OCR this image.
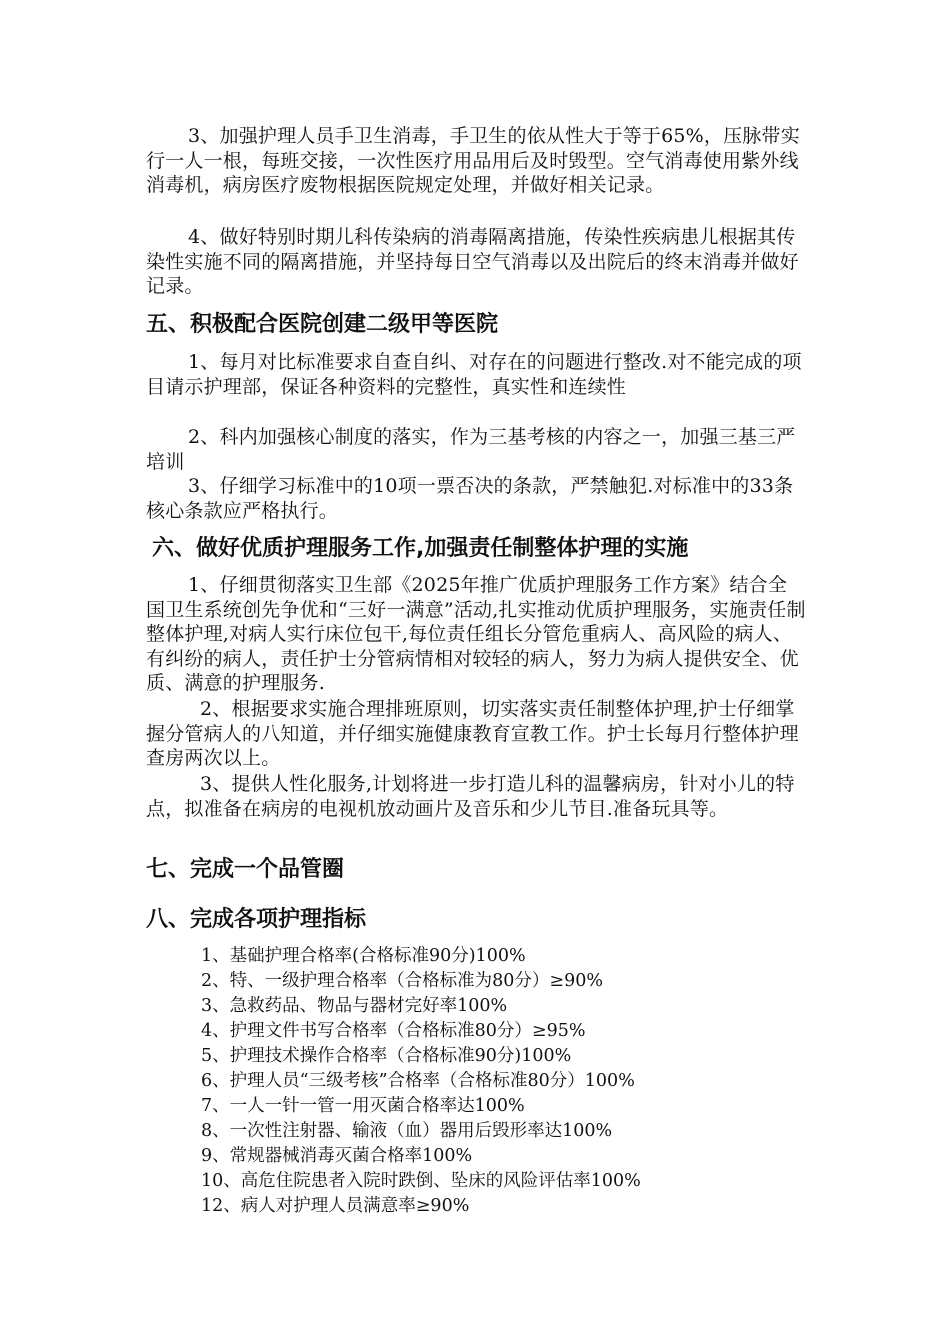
3、加强护理人员手卫生消毒，手卫生的依从性大于等于65%，压脉带实行一人一根，每班交接，一次性医疗用品用后及时毁型。空气消毒使用紫外线消毒机，病房医疗废物根据医院规定处理，并做好相关记录。

4、做好特别时期儿科传染病的消毒隔离措施，传染性疾病患儿根据其传染性实施不同的隔离措施，并坚持每日空气消毒以及出院后的终末消毒并做好记录。

五、积极配合医院创建二级甲等医院

1、每月对比标准要求自查自纠、对存在的问题进行整改.对不能完成的项目请示护理部，保证各种资料的完整性，真实性和连续性

2、科内加强核心制度的落实，作为三基考核的内容之一，加强三基三严培训

3、仔细学习标准中的10项一票否决的条款，严禁触犯.对标准中的33条核心条款应严格执行。

六、做好优质护理服务工作,加强责任制整体护理的实施

1、仔细贯彻落实卫生部《2025年推广优质护理服务工作方案》结合全国卫生系统创先争优和“三好一满意”活动,扎实推动优质护理服务，实施责任制整体护理,对病人实行床位包干,每位责任组长分管危重病人、高风险的病人、有纠纷的病人，责任护士分管病情相对较轻的病人，努力为病人提供安全、优质、满意的护理服务.

2、根据要求实施合理排班原则，切实落实责任制整体护理,护士仔细掌握分管病人的八知道，并仔细实施健康教育宣教工作。护士长每月行整体护理查房两次以上。

3、提供人性化服务,计划将进一步打造儿科的温馨病房，针对小儿的特点，拟准备在病房的电视机放动画片及音乐和少儿节目.准备玩具等。

七、完成一个品管圈
八、完成各项护理指标

1、基础护理合格率(合格标准90分)100%

2、特、一级护理合格率（合格标准为80分）≥90%

3、急救药品、物品与器材完好率100%

4、护理文件书写合格率（合格标准80分）≥95%

5、护理技术操作合格率（合格标准90分)100%

6、护理人员“三级考核”合格率（合格标准80分）100%

7、一人一针一管一用灭菌合格率达100%

8、一次性注射器、输液（血）器用后毁形率达100%

9、常规器械消毒灭菌合格率100%

10、高危住院患者入院时跌倒、坠床的风险评估率100%

12、病人对护理人员满意率≥90%
